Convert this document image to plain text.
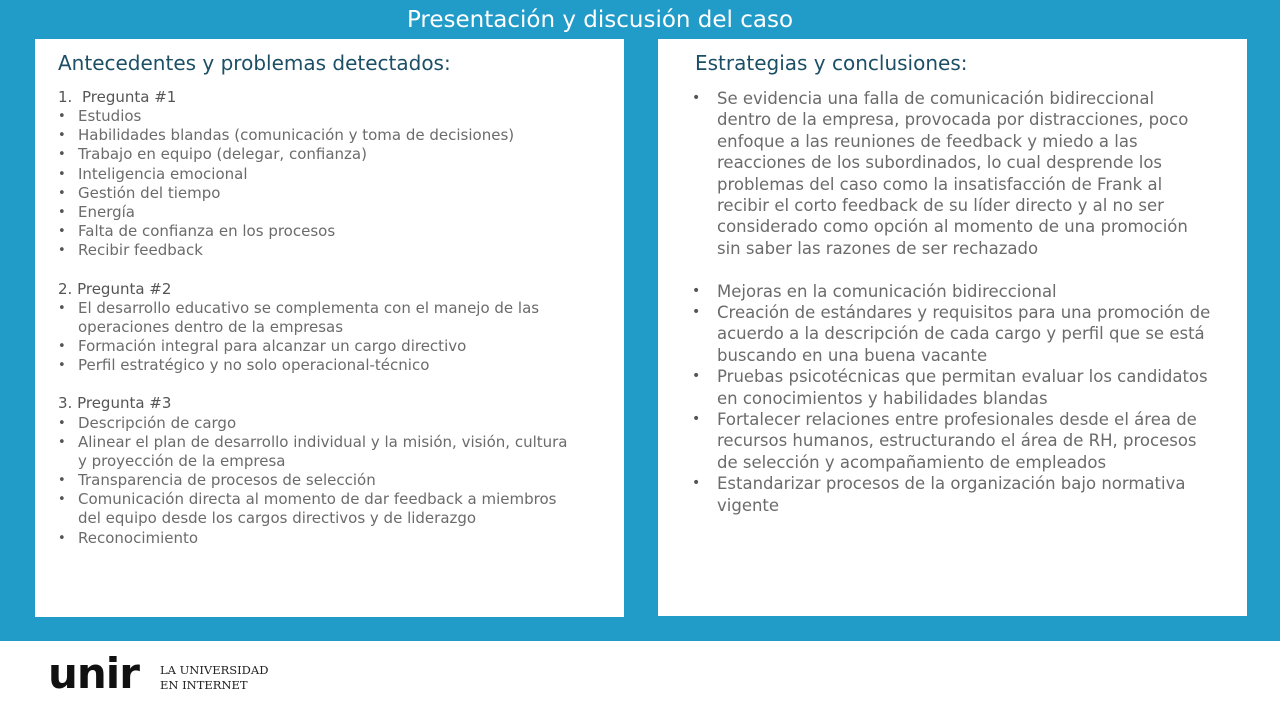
Presentación y discusión del caso
Antecedentes y problemas detectados:
1. Pregunta #1
• Estudios
• Habilidades blandas (comunicación y toma de decisiones)
• Trabajo en equipo (delegar, confianza)
• Inteligencia emocional
• Gestión del tiempo
• Energía
• Falta de confianza en los procesos
• Recibir feedback
2. Pregunta #2
• El desarrollo educativo se complementa con el manejo de las operaciones dentro de la empresas
• Formación integral para alcanzar un cargo directivo
• Perfil estratégico y no solo operacional-técnico
3. Pregunta #3
• Descripción de cargo
• Alinear el plan de desarrollo individual y la misión, visión, cultura y proyección de la empresa
• Transparencia de procesos de selección
• Comunicación directa al momento de dar feedback a miembros del equipo desde los cargos directivos y de liderazgo
• Reconocimiento
Estrategias y conclusiones:
• Se evidencia una falla de comunicación bidireccional dentro de la empresa, provocada por distracciones, poco enfoque a las reuniones de feedback y miedo a las reacciones de los subordinados, lo cual desprende los problemas del caso como la insatisfacción de Frank al recibir el corto feedback de su líder directo y al no ser considerado como opción al momento de una promoción sin saber las razones de ser rechazado
• Mejoras en la comunicación bidireccional
• Creación de estándares y requisitos para una promoción de acuerdo a la descripción de cada cargo y perfil que se está buscando en una buena vacante
• Pruebas psicotécnicas que permitan evaluar los candidatos en conocimientos y habilidades blandas
• Fortalecer relaciones entre profesionales desde el área de recursos humanos, estructurando el área de RH, procesos de selección y acompañamiento de empleados
• Estandarizar procesos de la organización bajo normativa vigente
unir LA UNIVERSIDAD
EN INTERNET
